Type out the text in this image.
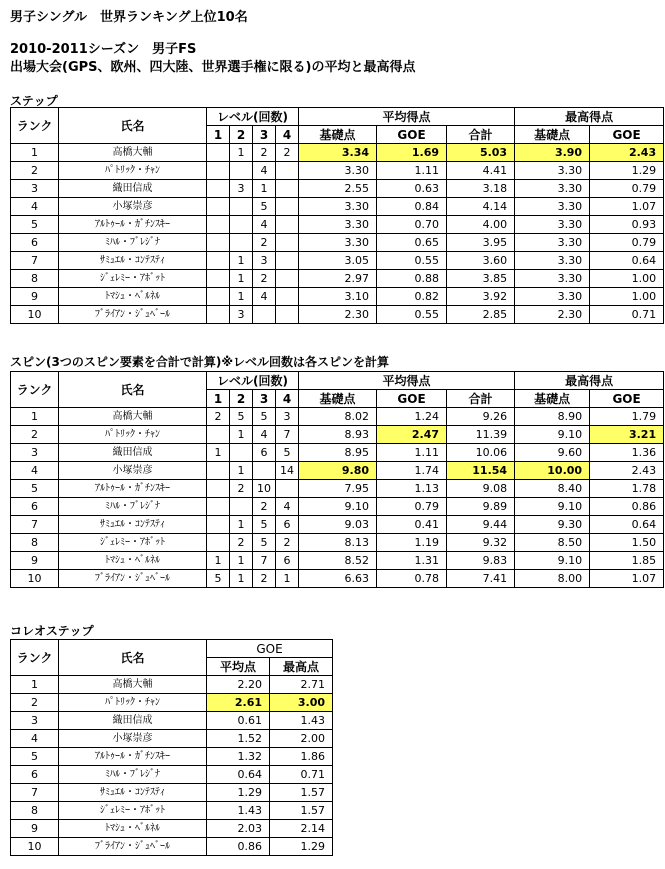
男子シングル　世界ランキング上位10名
2010-2011シーズン　男子FS
出場大会(GPS、欧州、四大陸、世界選手権に限る)の平均と最高得点
ステップ
ランク	氏名	レベル(回数)				平均得点			最高得点	
		1	2	3	4	基礎点	GOE	合計	基礎点	GOE
1	高橋大輔		1	2	2	3.34	1.69	5.03	3.90	2.43
2	ﾊﾟﾄﾘｯｸ・ﾁｬﾝ			4		3.30	1.11	4.41	3.30	1.29
3	織田信成		3	1		2.55	0.63	3.18	3.30	0.79
4	小塚崇彦			5		3.30	0.84	4.14	3.30	1.07
5	ｱﾙﾄｩｰﾙ・ｶﾞﾁﾝｽｷｰ			4		3.30	0.70	4.00	3.30	0.93
6	ﾐﾊﾙ・ﾌﾞﾚｼﾞﾅ			2		3.30	0.65	3.95	3.30	0.79
7	ｻﾐｭｴﾙ・ｺﾝﾃｽﾃｨ		1	3		3.05	0.55	3.60	3.30	0.64
8	ｼﾞｪﾚﾐｰ・ｱﾎﾞｯﾄ		1	2		2.97	0.88	3.85	3.30	1.00
9	ﾄﾏｼｭ・ﾍﾞﾙﾈﾙ		1	4		3.10	0.82	3.92	3.30	1.00
10	ﾌﾞﾗｲｱﾝ・ｼﾞｭﾍﾞｰﾙ		3			2.30	0.55	2.85	2.30	0.71
スピン(3つのスピン要素を合計で計算)※レベル回数は各スピンを計算
ランク	氏名	レベル(回数)				平均得点			最高得点	
		1	2	3	4	基礎点	GOE	合計	基礎点	GOE
1	高橋大輔	2	5	5	3	8.02	1.24	9.26	8.90	1.79
2	ﾊﾟﾄﾘｯｸ・ﾁｬﾝ		1	4	7	8.93	2.47	11.39	9.10	3.21
3	織田信成	1		6	5	8.95	1.11	10.06	9.60	1.36
4	小塚崇彦		1		14	9.80	1.74	11.54	10.00	2.43
5	ｱﾙﾄｩｰﾙ・ｶﾞﾁﾝｽｷｰ		2	10		7.95	1.13	9.08	8.40	1.78
6	ﾐﾊﾙ・ﾌﾞﾚｼﾞﾅ			2	4	9.10	0.79	9.89	9.10	0.86
7	ｻﾐｭｴﾙ・ｺﾝﾃｽﾃｨ		1	5	6	9.03	0.41	9.44	9.30	0.64
8	ｼﾞｪﾚﾐｰ・ｱﾎﾞｯﾄ		2	5	2	8.13	1.19	9.32	8.50	1.50
9	ﾄﾏｼｭ・ﾍﾞﾙﾈﾙ	1	1	7	6	8.52	1.31	9.83	9.10	1.85
10	ﾌﾞﾗｲｱﾝ・ｼﾞｭﾍﾞｰﾙ	5	1	2	1	6.63	0.78	7.41	8.00	1.07
コレオステップ
ランク	氏名	GOE	
		平均点	最高点
1	高橋大輔	2.20	2.71
2	ﾊﾟﾄﾘｯｸ・ﾁｬﾝ	2.61	3.00
3	織田信成	0.61	1.43
4	小塚崇彦	1.52	2.00
5	ｱﾙﾄｩｰﾙ・ｶﾞﾁﾝｽｷｰ	1.32	1.86
6	ﾐﾊﾙ・ﾌﾞﾚｼﾞﾅ	0.64	0.71
7	ｻﾐｭｴﾙ・ｺﾝﾃｽﾃｨ	1.29	1.57
8	ｼﾞｪﾚﾐｰ・ｱﾎﾞｯﾄ	1.43	1.57
9	ﾄﾏｼｭ・ﾍﾞﾙﾈﾙ	2.03	2.14
10	ﾌﾞﾗｲｱﾝ・ｼﾞｭﾍﾞｰﾙ	0.86	1.29
